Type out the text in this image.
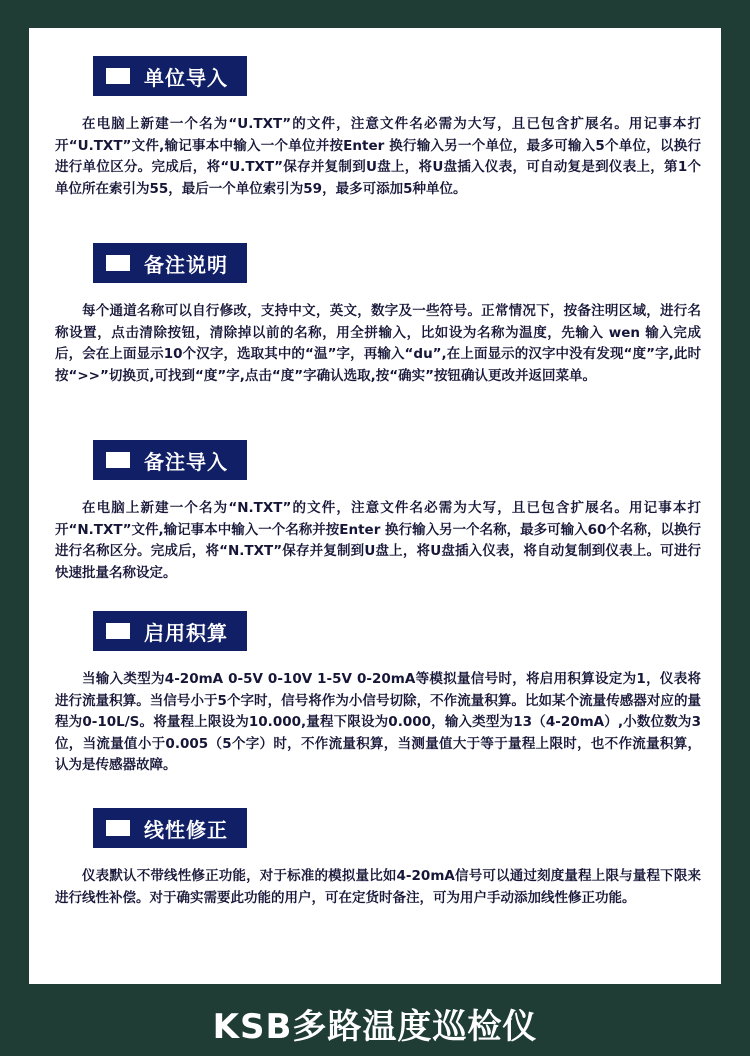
单位导入

在电脑上新建一个名为“U.TXT”的文件，注意文件名必需为大写，且已包含扩展名。用记事本打开“U.TXT”文件,输记事本中输入一个单位并按Enter 换行输入另一个单位，最多可输入5个单位，以换行进行单位区分。完成后，将“U.TXT”保存并复制到U盘上，将U盘插入仪表，可自动复是到仪表上，第1个单位所在索引为55，最后一个单位索引为59，最多可添加5种单位。

备注说明

每个通道名称可以自行修改，支持中文，英文，数字及一些符号。正常情况下，按备注明区域，进行名称设置，点击清除按钮，清除掉以前的名称，用全拼输入，比如设为名称为温度，先输入 wen 输入完成后，会在上面显示10个汉字，选取其中的“温”字，再输入“du”,在上面显示的汉字中没有发现“度”字,此时按“>>”切换页,可找到“度”字,点击“度”字确认选取,按“确实”按钮确认更改并返回菜单。

备注导入

在电脑上新建一个名为“N.TXT”的文件，注意文件名必需为大写，且已包含扩展名。用记事本打开“N.TXT”文件,输记事本中输入一个名称并按Enter 换行输入另一个名称，最多可输入60个名称，以换行进行名称区分。完成后，将“N.TXT”保存并复制到U盘上，将U盘插入仪表，将自动复制到仪表上。可进行快速批量名称设定。

启用积算

当输入类型为4-20mA 0-5V 0-10V 1-5V 0-20mA等模拟量信号时，将启用积算设定为1，仪表将进行流量积算。当信号小于5个字时，信号将作为小信号切除，不作流量积算。比如某个流量传感器对应的量程为0-10L/S。将量程上限设为10.000,量程下限设为0.000，输入类型为13（4-20mA）,小数位数为3位，当流量值小于0.005（5个字）时，不作流量积算，当测量值大于等于量程上限时，也不作流量积算，认为是传感器故障。

线性修正

仪表默认不带线性修正功能，对于标准的模拟量比如4-20mA信号可以通过刻度量程上限与量程下限来进行线性补偿。对于确实需要此功能的用户，可在定货时备注，可为用户手动添加线性修正功能。

KSB多路温度巡检仪
